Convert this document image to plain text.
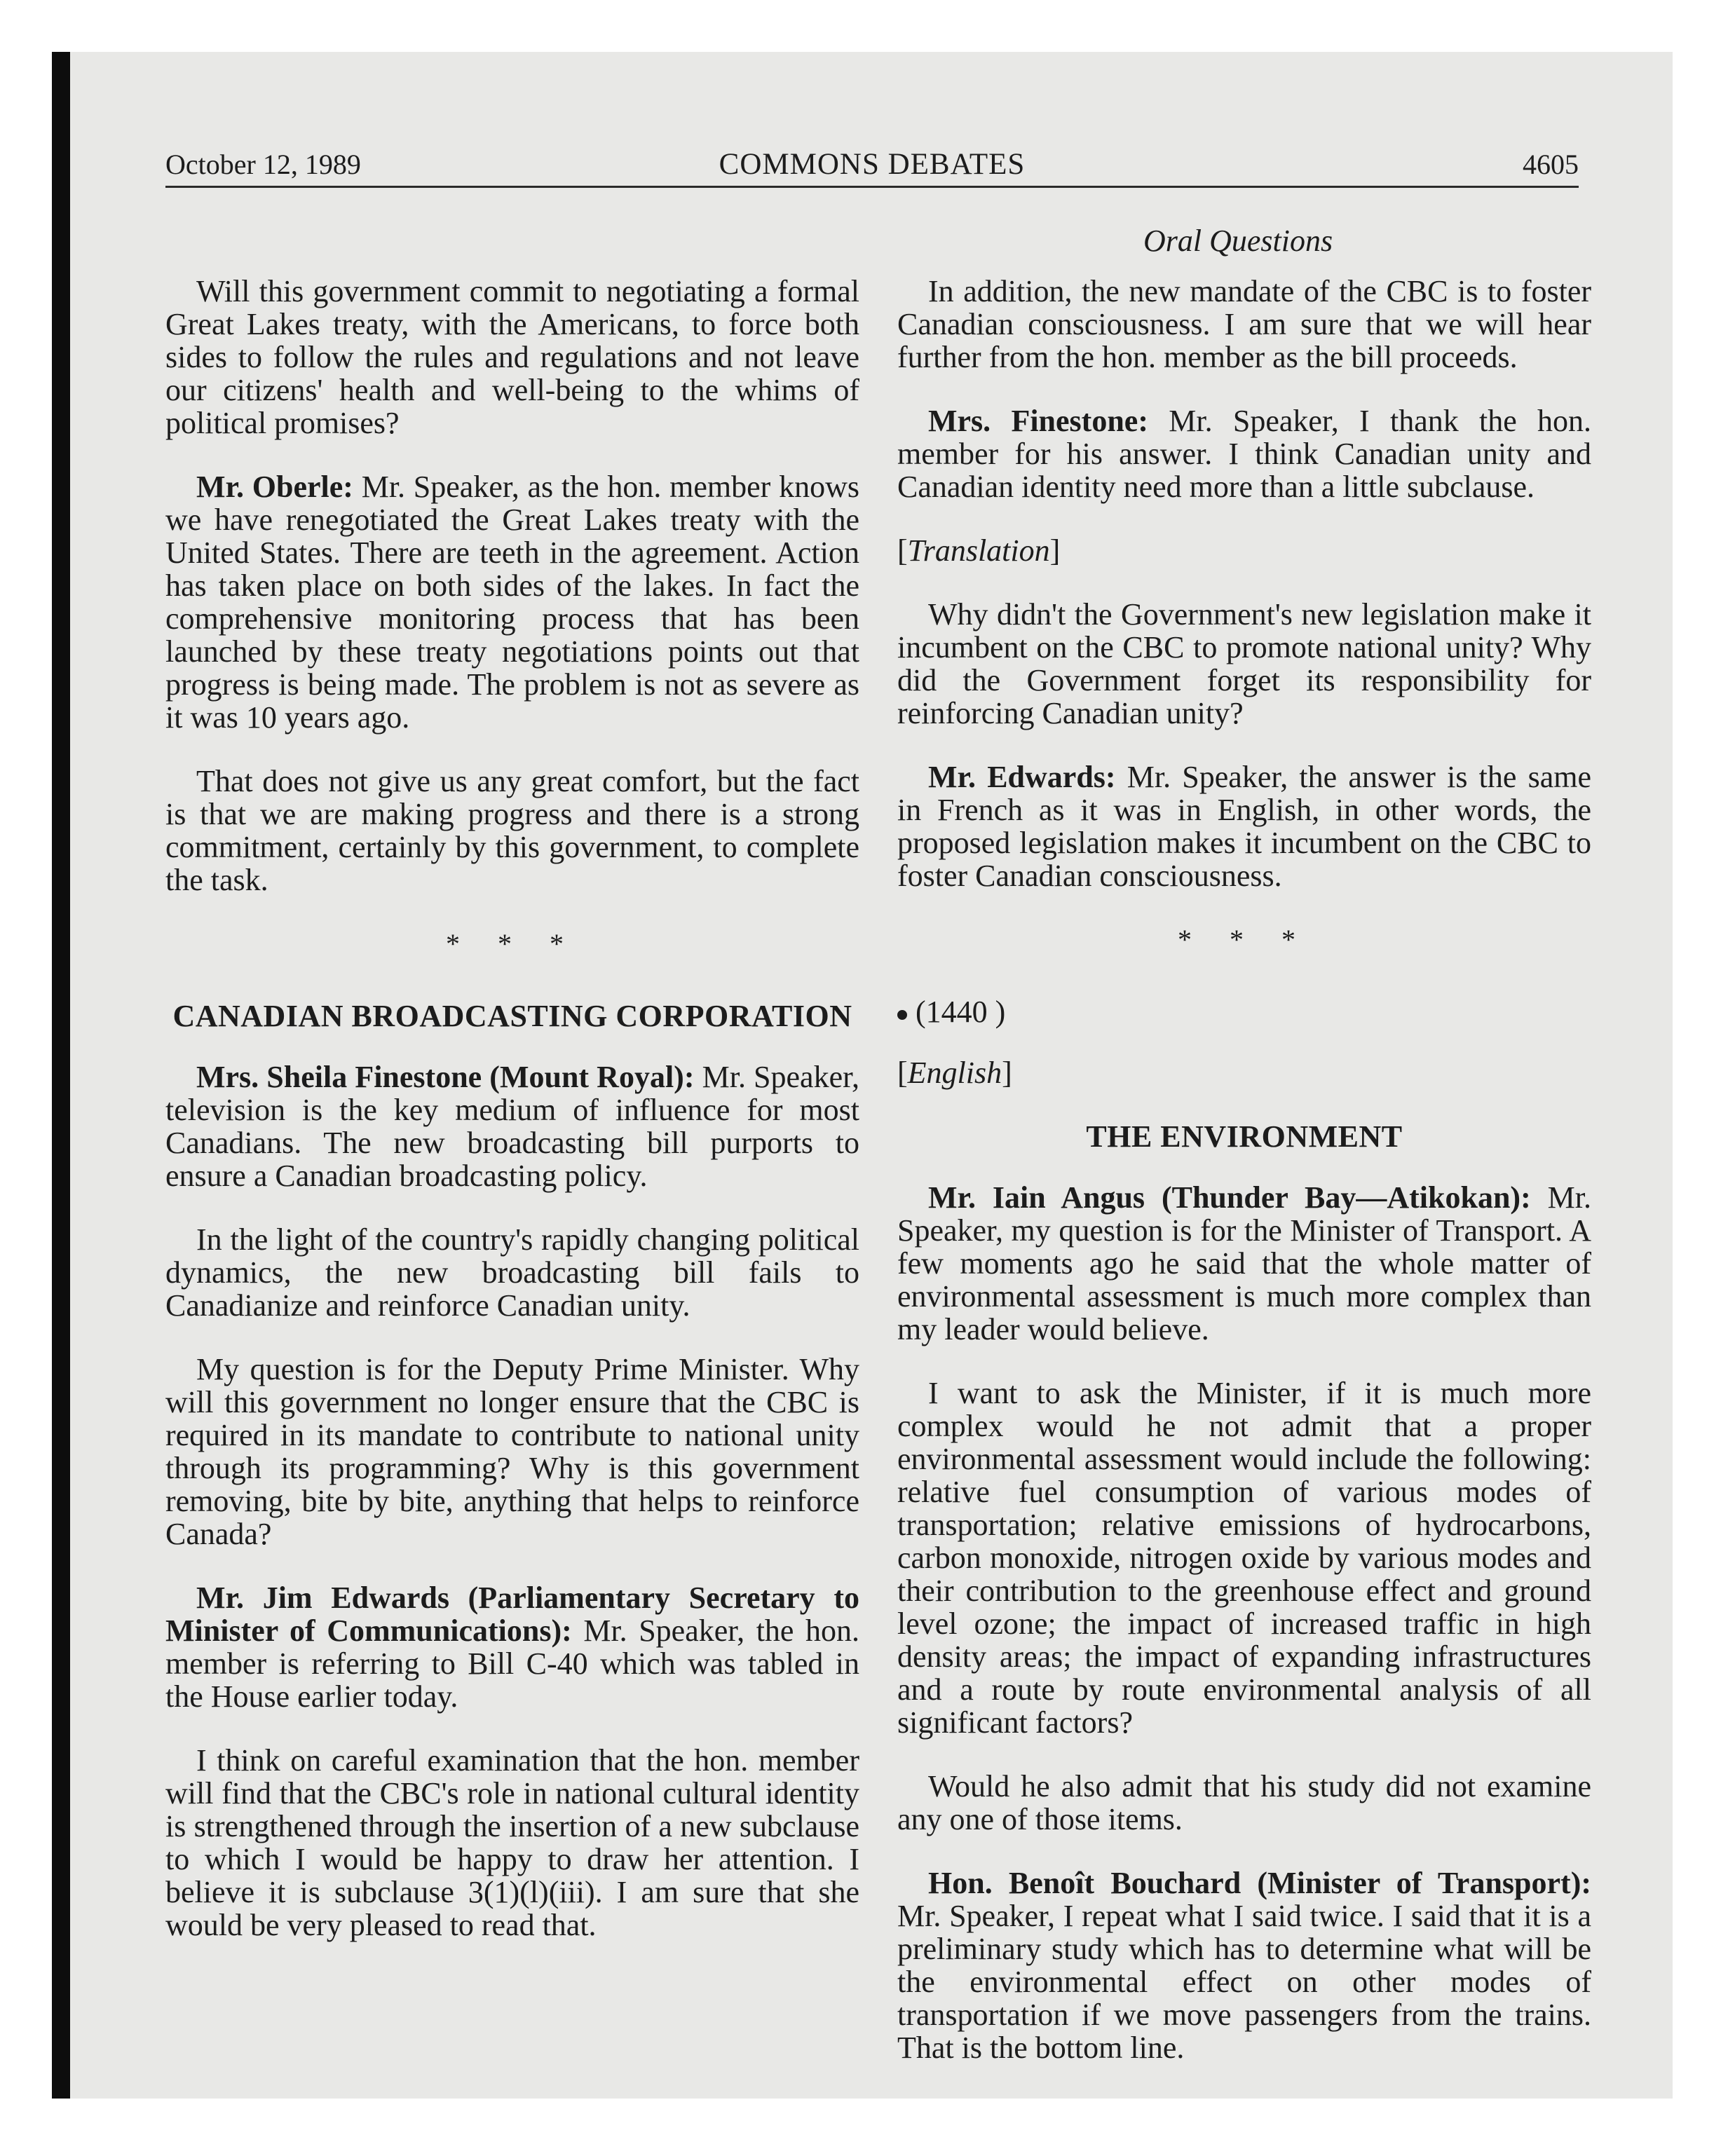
October 12, 1989	COMMONS DEBATES	4605
Oral Questions

Will this government commit to negotiating a formal Great Lakes treaty, with the Americans, to force both sides to follow the rules and regulations and not leave our citizens' health and well-being to the whims of political promises?

Mr. Oberle: Mr. Speaker, as the hon. member knows we have renegotiated the Great Lakes treaty with the United States. There are teeth in the agreement. Action has taken place on both sides of the lakes. In fact the comprehensive monitoring process that has been launched by these treaty negotiations points out that progress is being made. The problem is not as severe as it was 10 years ago.

That does not give us any great comfort, but the fact is that we are making progress and there is a strong commitment, certainly by this government, to complete the task.

* * *
CANADIAN BROADCASTING CORPORATION

Mrs. Sheila Finestone (Mount Royal): Mr. Speaker, television is the key medium of influence for most Canadians. The new broadcasting bill purports to ensure a Canadian broadcasting policy.

In the light of the country's rapidly changing political dynamics, the new broadcasting bill fails to Canadianize and reinforce Canadian unity.

My question is for the Deputy Prime Minister. Why will this government no longer ensure that the CBC is required in its mandate to contribute to national unity through its programming? Why is this government removing, bite by bite, anything that helps to reinforce Canada?

Mr. Jim Edwards (Parliamentary Secretary to Minister of Communications): Mr. Speaker, the hon. member is referring to Bill C-40 which was tabled in the House earlier today.

I think on careful examination that the hon. member will find that the CBC's role in national cultural identity is strengthened through the insertion of a new subclause to which I would be happy to draw her attention. I believe it is subclause 3(1)(l)(iii). I am sure that she would be very pleased to read that.

In addition, the new mandate of the CBC is to foster Canadian consciousness. I am sure that we will hear further from the hon. member as the bill proceeds.

Mrs. Finestone: Mr. Speaker, I thank the hon. member for his answer. I think Canadian unity and Canadian identity need more than a little subclause.

[Translation]

Why didn't the Government's new legislation make it incumbent on the CBC to promote national unity? Why did the Government forget its responsibility for reinforcing Canadian unity?

Mr. Edwards: Mr. Speaker, the answer is the same in French as it was in English, in other words, the proposed legislation makes it incumbent on the CBC to foster Canadian consciousness.

* * *
(1440 )
[English]
THE ENVIRONMENT

Mr. Iain Angus (Thunder Bay—Atikokan): Mr. Speaker, my question is for the Minister of Transport. A few moments ago he said that the whole matter of environmental assessment is much more complex than my leader would believe.

I want to ask the Minister, if it is much more complex would he not admit that a proper environmental assessment would include the following: relative fuel consumption of various modes of transportation; relative emissions of hydrocarbons, carbon monoxide, nitrogen oxide by various modes and their contribution to the greenhouse effect and ground level ozone; the impact of increased traffic in high density areas; the impact of expanding infrastructures and a route by route environmental analysis of all significant factors?

Would he also admit that his study did not examine any one of those items.

Hon. Benoît Bouchard (Minister of Transport): Mr. Speaker, I repeat what I said twice. I said that it is a preliminary study which has to determine what will be the environmental effect on other modes of transportation if we move passengers from the trains. That is the bottom line.
